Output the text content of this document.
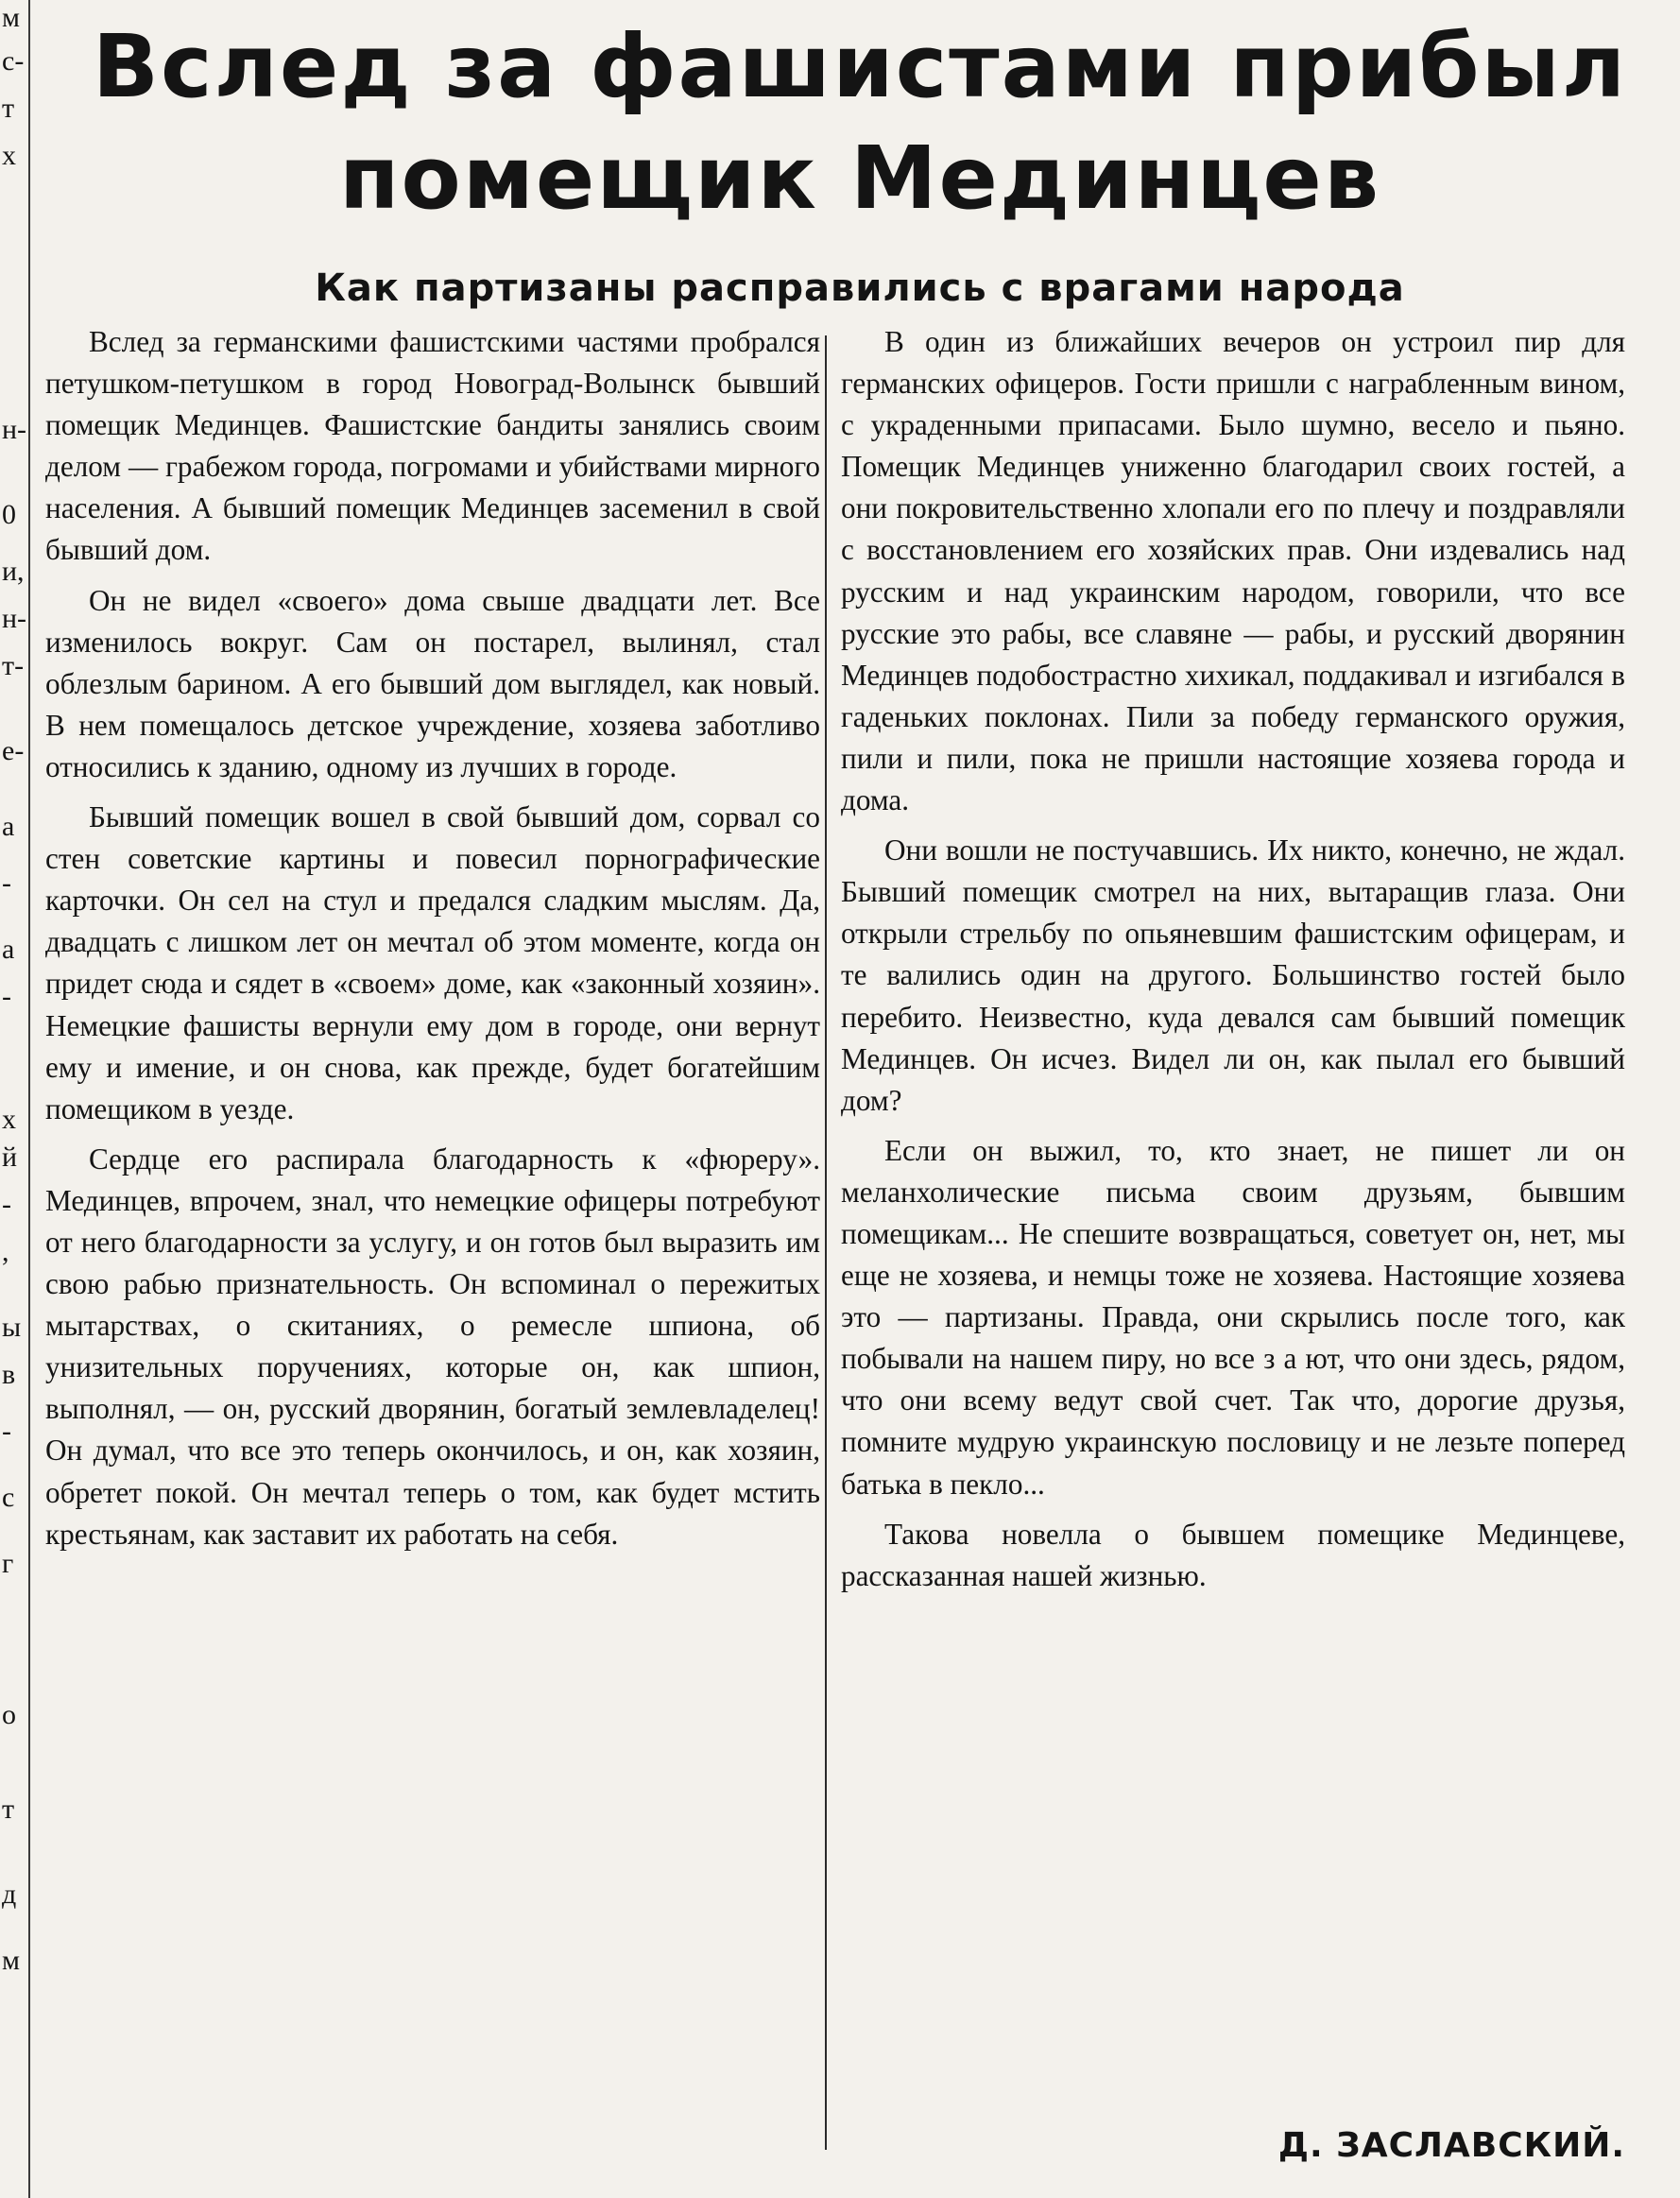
м
с-
т
х
н-
0
и,
н-
т-
е-
а
-
а
-
х
й
-
,
ы
в
-
с
г
о
т
д
м
Вслед за фашистами прибыл
помещик Мединцев
Как партизаны расправились с врагами народа

Вслед за германскими фашистскими частями пробрался петушком-петушком в город Новоград-Волынск бывший помещик Мединцев. Фашистские бандиты занялись своим делом — грабежом города, погромами и убийствами мирного населения. А бывший помещик Мединцев засеменил в свой бывший дом.

Он не видел «своего» дома свыше двадцати лет. Все изменилось вокруг. Сам он постарел, вылинял, стал облезлым барином. А его бывший дом выглядел, как новый. В нем помещалось детское учреждение, хозяева заботливо относились к зданию, одному из лучших в городе.

Бывший помещик вошел в свой бывший дом, сорвал со стен советские картины и повесил порнографические карточки. Он сел на стул и предался сладким мыслям. Да, двадцать с лишком лет он мечтал об этом моменте, когда он придет сюда и сядет в «своем» доме, как «законный хозяин». Немецкие фашисты вернули ему дом в городе, они вернут ему и имение, и он снова, как прежде, будет богатейшим помещиком в уезде.

Сердце его распирала благодарность к «фюреру». Мединцев, впрочем, знал, что немецкие офицеры потребуют от него благодарности за услугу, и он готов был выразить им свою рабью признательность. Он вспоминал о пережитых мытарствах, о скитаниях, о ремесле шпиона, об унизительных поручениях, которые он, как шпион, выполнял, — он, русский дворянин, богатый землевладелец! Он думал, что все это теперь окончилось, и он, как хозяин, обретет покой. Он мечтал теперь о том, как будет мстить крестьянам, как заставит их работать на себя.

В один из ближайших вечеров он устроил пир для германских офицеров. Гости пришли с награбленным вином, с украденными припасами. Было шумно, весело и пьяно. Помещик Мединцев униженно благодарил своих гостей, а они покровительственно хлопали его по плечу и поздравляли с восстановлением его хозяйских прав. Они издевались над русским и над украинским народом, говорили, что все русские это рабы, все славяне — рабы, и русский дворянин Мединцев подобострастно хихикал, поддакивал и изгибался в гаденьких поклонах. Пили за победу германского оружия, пили и пили, пока не пришли настоящие хозяева города и дома.

Они вошли не постучавшись. Их никто, конечно, не ждал. Бывший помещик смотрел на них, вытаращив глаза. Они открыли стрельбу по опьяневшим фашистским офицерам, и те валились один на другого. Большинство гостей было перебито. Неизвестно, куда девался сам бывший помещик Мединцев. Он исчез. Видел ли он, как пылал его бывший дом?

Если он выжил, то, кто знает, не пишет ли он меланхолические письма своим друзьям, бывшим помещикам... Не спешите возвращаться, советует он, нет, мы еще не хозяева, и немцы тоже не хозяева. Настоящие хозяева это — партизаны. Правда, они скрылись после того, как побывали на нашем пиру, но все з а ют, что они здесь, рядом, что они всему ведут свой счет. Так что, дорогие друзья, помните мудрую украинскую пословицу и не лезьте поперед батька в пекло...

Такова новелла о бывшем помещике Мединцеве, рассказанная нашей жизнью.

Д. ЗАСЛАВСКИЙ.
